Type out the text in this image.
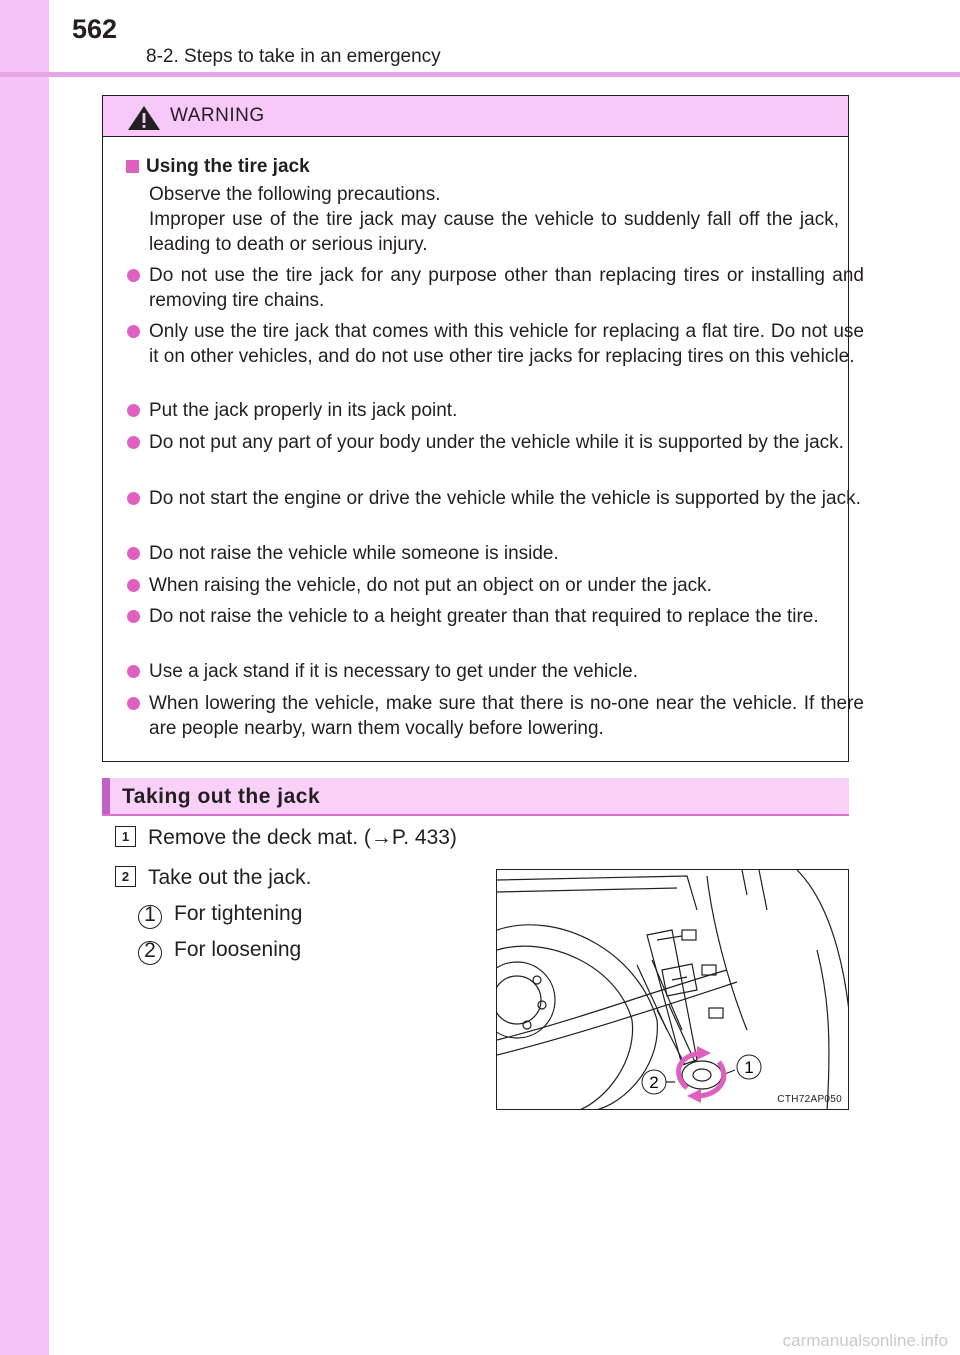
562
8-2. Steps to take in an emergency
WARNING
Using the tire jack
Observe the following precautions.
Improper use of the tire jack may cause the vehicle to suddenly fall off the jack, leading to death or serious injury.
Do not use the tire jack for any purpose other than replacing tires or installing and removing tire chains.
Only use the tire jack that comes with this vehicle for replacing a flat tire. Do not use it on other vehicles, and do not use other tire jacks for replacing tires on this vehicle.
Put the jack properly in its jack point.
Do not put any part of your body under the vehicle while it is supported by the jack.
Do not start the engine or drive the vehicle while the vehicle is supported by the jack.
Do not raise the vehicle while someone is inside.
When raising the vehicle, do not put an object on or under the jack.
Do not raise the vehicle to a height greater than that required to replace the tire.
Use a jack stand if it is necessary to get under the vehicle.
When lowering the vehicle, make sure that there is no-one near the vehicle. If there are people nearby, warn them vocally before lowering.
Taking out the jack
1 Remove the deck mat. (→P. 433)
2 Take out the jack.
1 For tightening
2 For loosening
1
2
CTH72AP050
carmanualsonline.info
